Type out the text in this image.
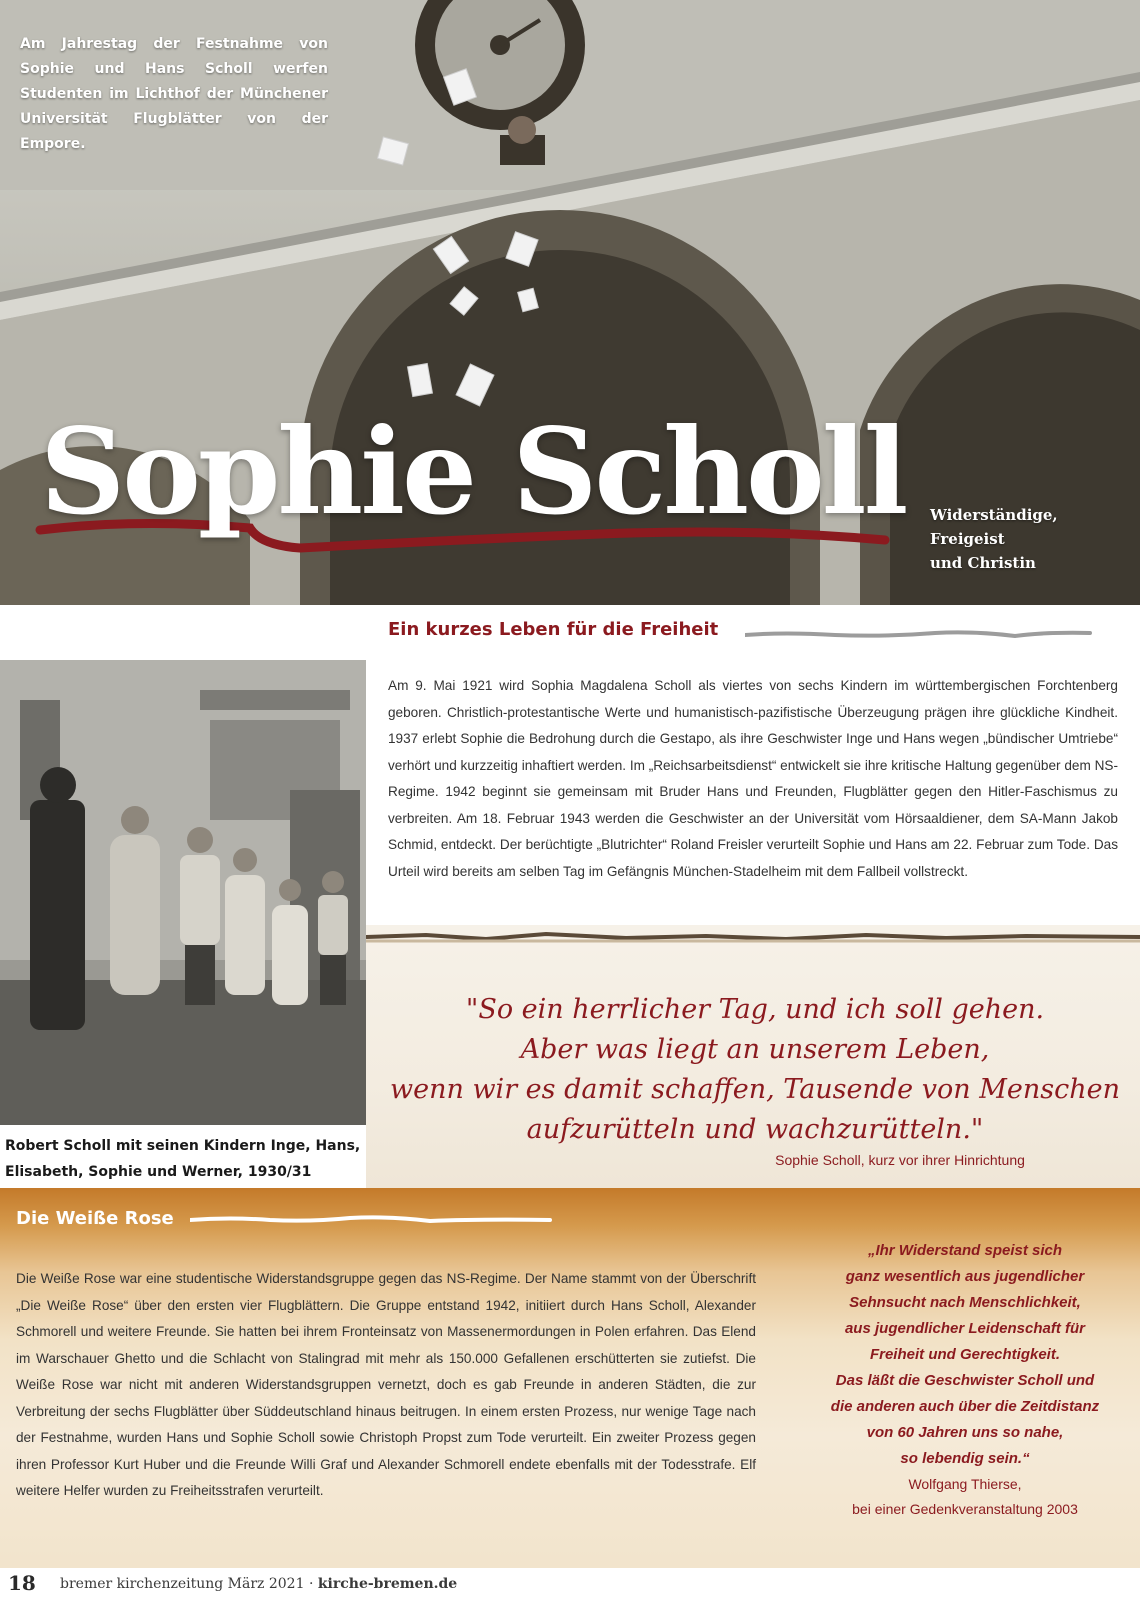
Am Jahrestag der Festnahme von Sophie und Hans Scholl werfen Studenten im Lichthof der Münchener Universität Flugblätter von der Empore.
Sophie Scholl Widerständige, Freigeist
und Christin
Robert Scholl mit seinen Kindern Inge, Hans,
Elisabeth, Sophie und Werner, 1930/31
Ein kurzes Leben für die Freiheit

Am 9. Mai 1921 wird Sophia Magdalena Scholl als viertes von sechs Kindern im württembergischen Forchtenberg geboren. Christlich-protestantische Werte und humanistisch-pazifistische Überzeugung prägen ihre glückliche Kindheit. 1937 erlebt Sophie die Bedrohung durch die Gestapo, als ihre Geschwister Inge und Hans wegen „bündischer Umtriebe“ verhört und kurzzeitig inhaftiert werden. Im „Reichsarbeitsdienst“ entwickelt sie ihre kritische Haltung gegenüber dem NS-Regime. 1942 beginnt sie gemeinsam mit Bruder Hans und Freunden, Flugblätter gegen den Hitler-Faschismus zu verbreiten. Am 18. Februar 1943 werden die Geschwister an der Universität vom Hörsaaldiener, dem SA-Mann Jakob Schmid, entdeckt. Der berüchtigte „Blutrichter“ Roland Freisler verurteilt Sophie und Hans am 22. Februar zum Tode. Das Urteil wird bereits am selben Tag im Gefängnis München-Stadelheim mit dem Fallbeil vollstreckt.

"So ein herrlicher Tag, und ich soll gehen.
Aber was liegt an unserem Leben,
wenn wir es damit schaffen, Tausende von Menschen
aufzurütteln und wachzurütteln."
Sophie Scholl, kurz vor ihrer Hinrichtung
Die Weiße Rose

Die Weiße Rose war eine studentische Widerstandsgruppe gegen das NS-Regime. Der Name stammt von der Überschrift „Die Weiße Rose“ über den ersten vier Flugblättern. Die Gruppe entstand 1942, initiiert durch Hans Scholl, Alexander Schmorell und weitere Freunde. Sie hatten bei ihrem Fronteinsatz von Massenermordungen in Polen erfahren. Das Elend im Warschauer Ghetto und die Schlacht von Stalingrad mit mehr als 150.000 Gefallenen erschütterten sie zutiefst. Die Weiße Rose war nicht mit anderen Widerstandsgruppen vernetzt, doch es gab Freunde in anderen Städten, die zur Verbreitung der sechs Flugblätter über Süddeutschland hinaus beitrugen. In einem ersten Prozess, nur wenige Tage nach der Festnahme, wurden Hans und Sophie Scholl sowie Christoph Propst zum Tode verurteilt. Ein zweiter Prozess gegen ihren Professor Kurt Huber und die Freunde Willi Graf und Alexander Schmorell endete ebenfalls mit der Todesstrafe. Elf weitere Helfer wurden zu Freiheitsstrafen verurteilt.

„Ihr Widerstand speist sich
ganz wesentlich aus jugendlicher
Sehnsucht nach Menschlichkeit,
aus jugendlicher Leidenschaft für
Freiheit und Gerechtigkeit.
Das läßt die Geschwister Scholl und
die anderen auch über die Zeitdistanz
von 60 Jahren uns so nahe,
so lebendig sein.“
Wolfgang Thierse,
bei einer Gedenkveranstaltung 2003
18 bremer kirchenzeitung März 2021 · kirche-bremen.de
